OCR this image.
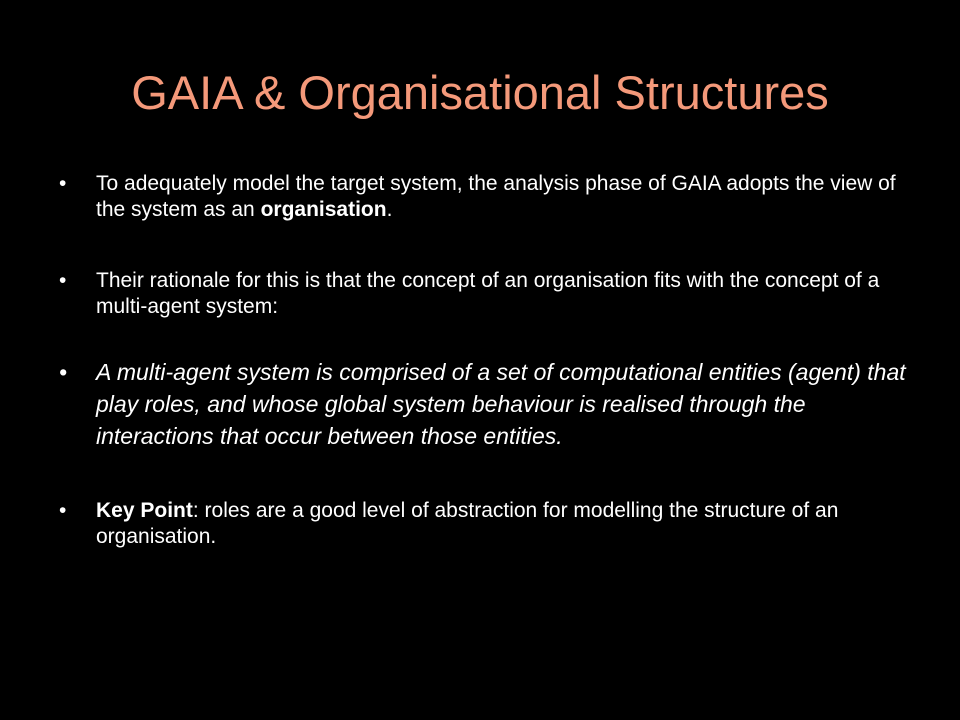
GAIA & Organisational Structures
• To adequately model the target system, the analysis phase of GAIA adopts the view of the system as an organisation.
• Their rationale for this is that the concept of an organisation fits with the concept of a multi-agent system:
• A multi-agent system is comprised of a set of computational entities (agent) that play roles, and whose global system behaviour is realised through the interactions that occur between those entities.
• Key Point: roles are a good level of abstraction for modelling the structure of an organisation.
